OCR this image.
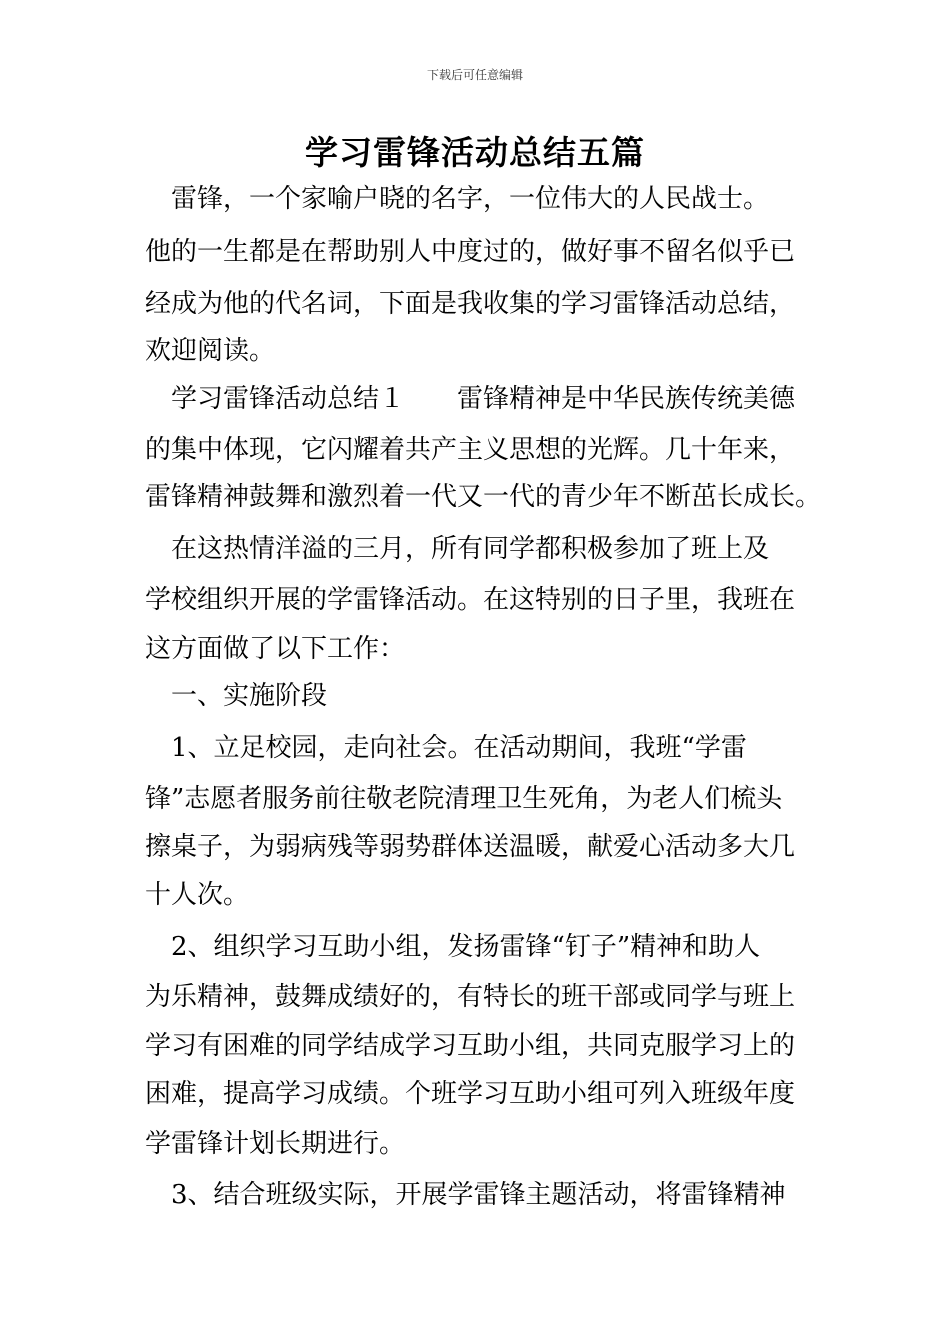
下载后可任意编辑
学习雷锋活动总结五篇
　雷锋，一个家喻户晓的名字，一位伟大的人民战士。
他的一生都是在帮助别人中度过的，做好事不留名似乎已
经成为他的代名词，下面是我收集的学习雷锋活动总结，
欢迎阅读。
　学习雷锋活动总结１　　雷锋精神是中华民族传统美德
的集中体现，它闪耀着共产主义思想的光辉。几十年来，
雷锋精神鼓舞和激烈着一代又一代的青少年不断茁长成长。
　在这热情洋溢的三月，所有同学都积极参加了班上及
学校组织开展的学雷锋活动。在这特别的日子里，我班在
这方面做了以下工作：
　一、实施阶段
　1、立足校园，走向社会。在活动期间，我班“学雷
锋”志愿者服务前往敬老院清理卫生死角，为老人们梳头
擦桌子，为弱病残等弱势群体送温暖，献爱心活动多大几
十人次。
　2、组织学习互助小组，发扬雷锋“钉子”精神和助人
为乐精神，鼓舞成绩好的，有特长的班干部或同学与班上
学习有困难的同学结成学习互助小组，共同克服学习上的
困难，提高学习成绩。个班学习互助小组可列入班级年度
学雷锋计划长期进行。
　3、结合班级实际，开展学雷锋主题活动，将雷锋精神
